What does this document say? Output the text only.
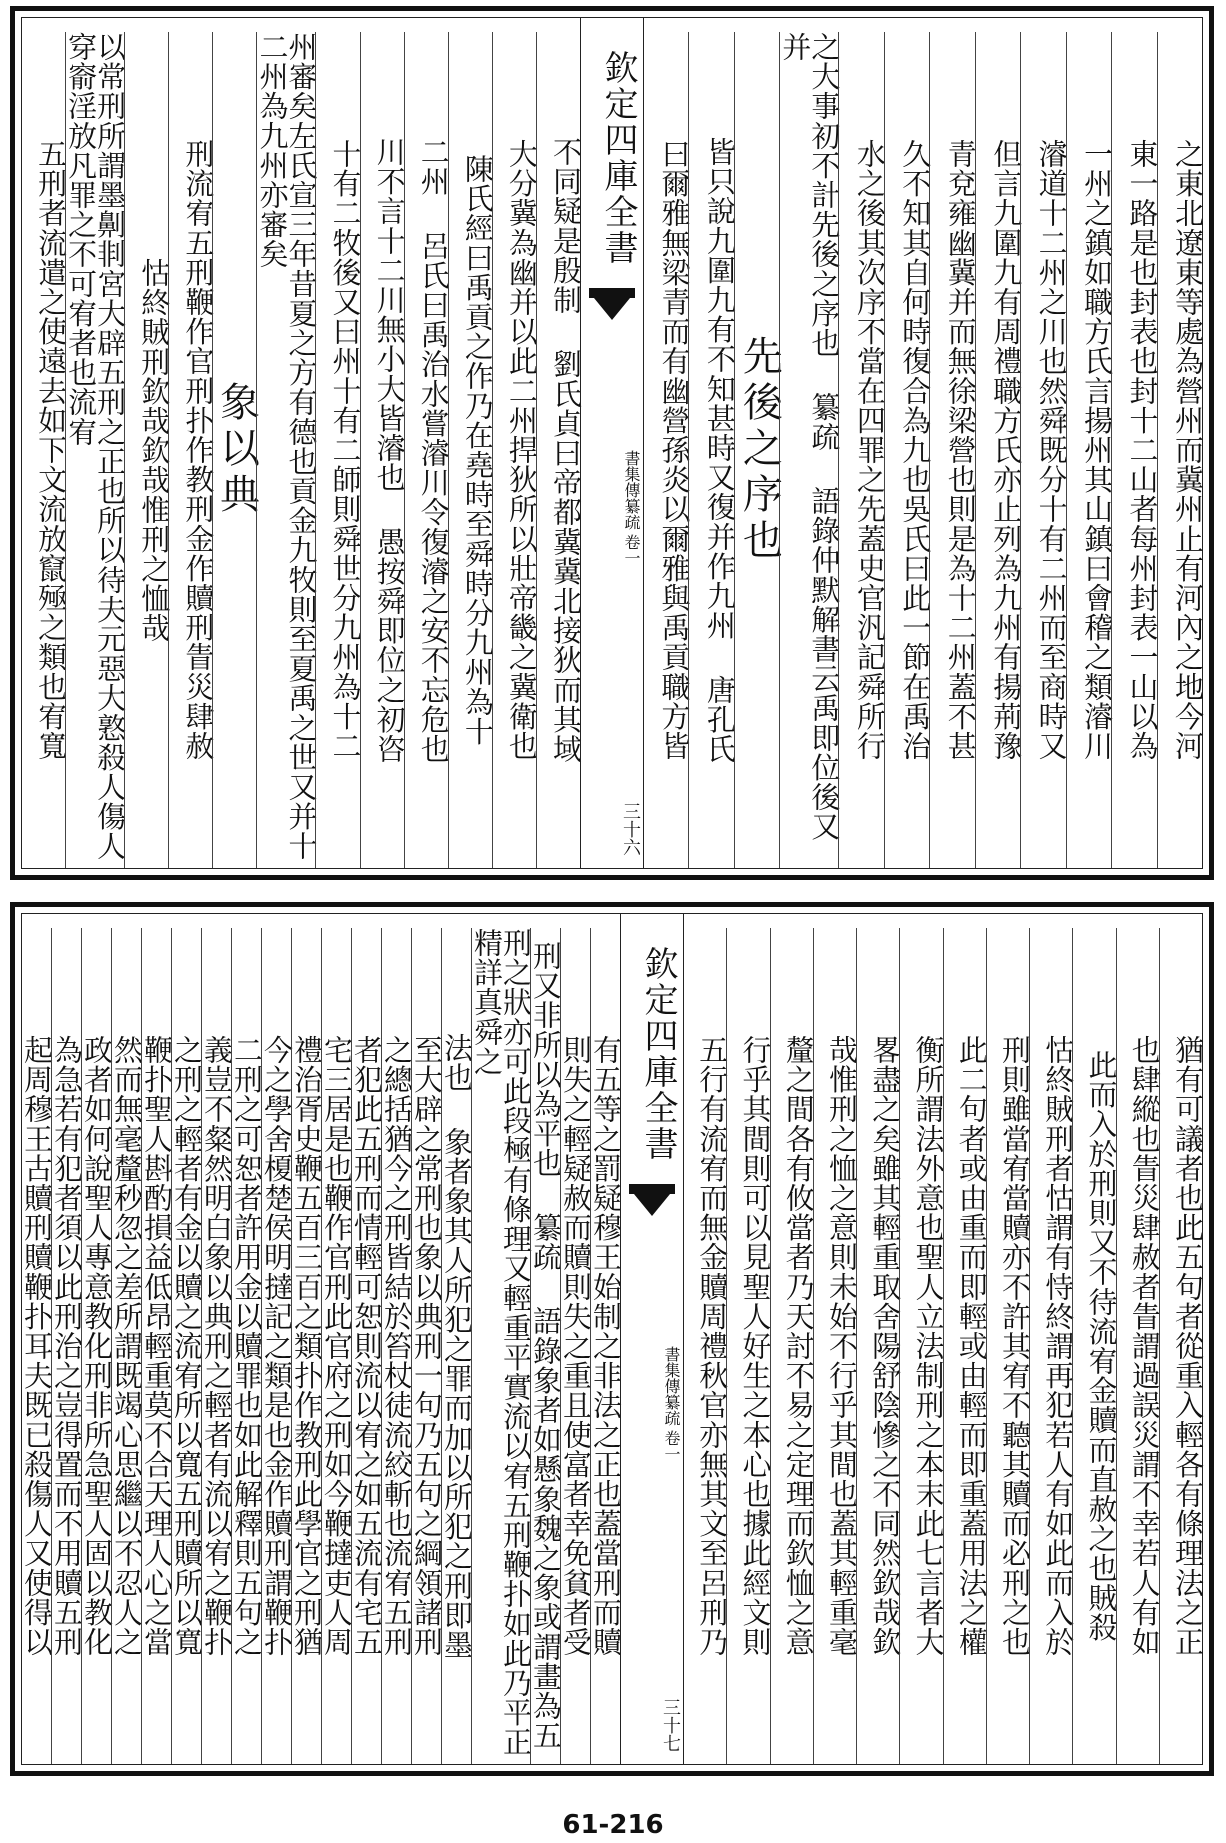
之東北遼東等處為營州而冀州止有河內之地今河
東一路是也封表也封十二山者每州封表一山以為
一州之鎮如職方氏言揚州其山鎮曰會稽之類濬川
濬道十二州之川也然舜既分十有二州而至商時又
但言九圍九有周禮職方氏亦止列為九州有揚荊豫
青兗雍幽冀并而無徐梁營也則是為十二州蓋不甚
久不知其自何時復合為九也吳氏曰此一節在禹治
水之後其次序不當在四罪之先蓋史官汎記舜所行
之大事初不計先後之序也 纂疏 語錄仲默解書云禹即位後又并
先後之序也
皆只說九圍九有不知甚時又復并作九州 唐孔氏
曰爾雅無梁青而有幽營孫炎以爾雅與禹貢職方皆
欽定四庫全書
書集傳纂疏
卷一
三十六
不同疑是殷制 劉氏貞曰帝都冀冀北接狄而其域
大分冀為幽并以此二州捍狄所以壯帝畿之冀衛也
陳氏經曰禹貢之作乃在堯時至舜時分九州為十
二州 呂氏曰禹治水嘗濬川令復濬之安不忘危也
川不言十二川無小大皆濬也 愚按舜即位之初咨
十有二牧後又曰州十有二師則舜世分九州為十二
州審矣左氏宣三年昔夏之方有德也貢金九牧則至夏禹之世又并十二州為九州亦審矣
象以典
刑流宥五刑鞭作官刑扑作教刑金作贖刑眚災肆赦
怙終賊刑欽哉欽哉惟刑之恤哉
以常刑所謂墨劓剕宮大辟五刑之正也所以待夫元惡大憝殺人傷人穿窬淫放凡罪之不可宥者也流宥
五刑者流遣之使遠去如下文流放竄殛之類也宥寬
猶有可議者也此五句者從重入輕各有條理法之正
也肆縱也眚災肆赦者眚謂過誤災謂不幸若人有如
此而入於刑則又不待流宥金贖而直赦之也賊殺
怙終賊刑者怙謂有恃終謂再犯若人有如此而入於
刑則雖當宥當贖亦不許其宥不聽其贖而必刑之也
此二句者或由重而即輕或由輕而即重蓋用法之權
衡所謂法外意也聖人立法制刑之本末此七言者大
畧盡之矣雖其輕重取舍陽舒陰慘之不同然欽哉欽
哉惟刑之恤之意則未始不行乎其間也蓋其輕重毫
釐之間各有攸當者乃天討不易之定理而欽恤之意
行乎其間則可以見聖人好生之本心也據此經文則
五行有流宥而無金贖周禮秋官亦無其文至呂刑乃
欽定四庫全書
書集傳纂疏
卷一
三十七
有五等之罰疑穆王始制之非法之正也蓋當刑而贖
則失之輕疑赦而贖則失之重且使富者幸免貧者受
刑又非所以為平也 纂疏 語錄象者如懸象魏之象或謂畫為五
刑之狀亦可此段極有條理又輕重平實流以宥五刑鞭扑如此乃平正精詳真舜之
法也 象者象其人所犯之罪而加以所犯之刑即墨
至大辟之常刑也象以典刑一句乃五句之綱領諸刑
之總括猶今之刑皆結於笞杖徒流絞斬也流宥五刑
者犯此五刑而情輕可恕則流以宥之如五流有宅五
宅三居是也鞭作官刑此官府之刑如今鞭撻吏人周
禮治胥史鞭五百三百之類扑作教刑此學官之刑猶
今之學舍榎楚侯明撻記之類是也金作贖刑謂鞭扑
二刑之可恕者許用金以贖罪也如此解釋則五句之
義豈不粲然明白象以典刑之輕者有流以宥之鞭扑
之刑之輕者有金以贖之流宥所以寬五刑贖所以寬
鞭扑聖人斟酌損益低昂輕重莫不合天理人心之當
然而無毫釐秒忽之差所謂既竭心思繼以不忍人之
政者如何說聖人專意教化刑非所急聖人固以教化
為急若有犯者須以此刑治之豈得置而不用贖五刑
起周穆王古贖刑贖鞭扑耳夫既已殺傷人又使得以
61-216
